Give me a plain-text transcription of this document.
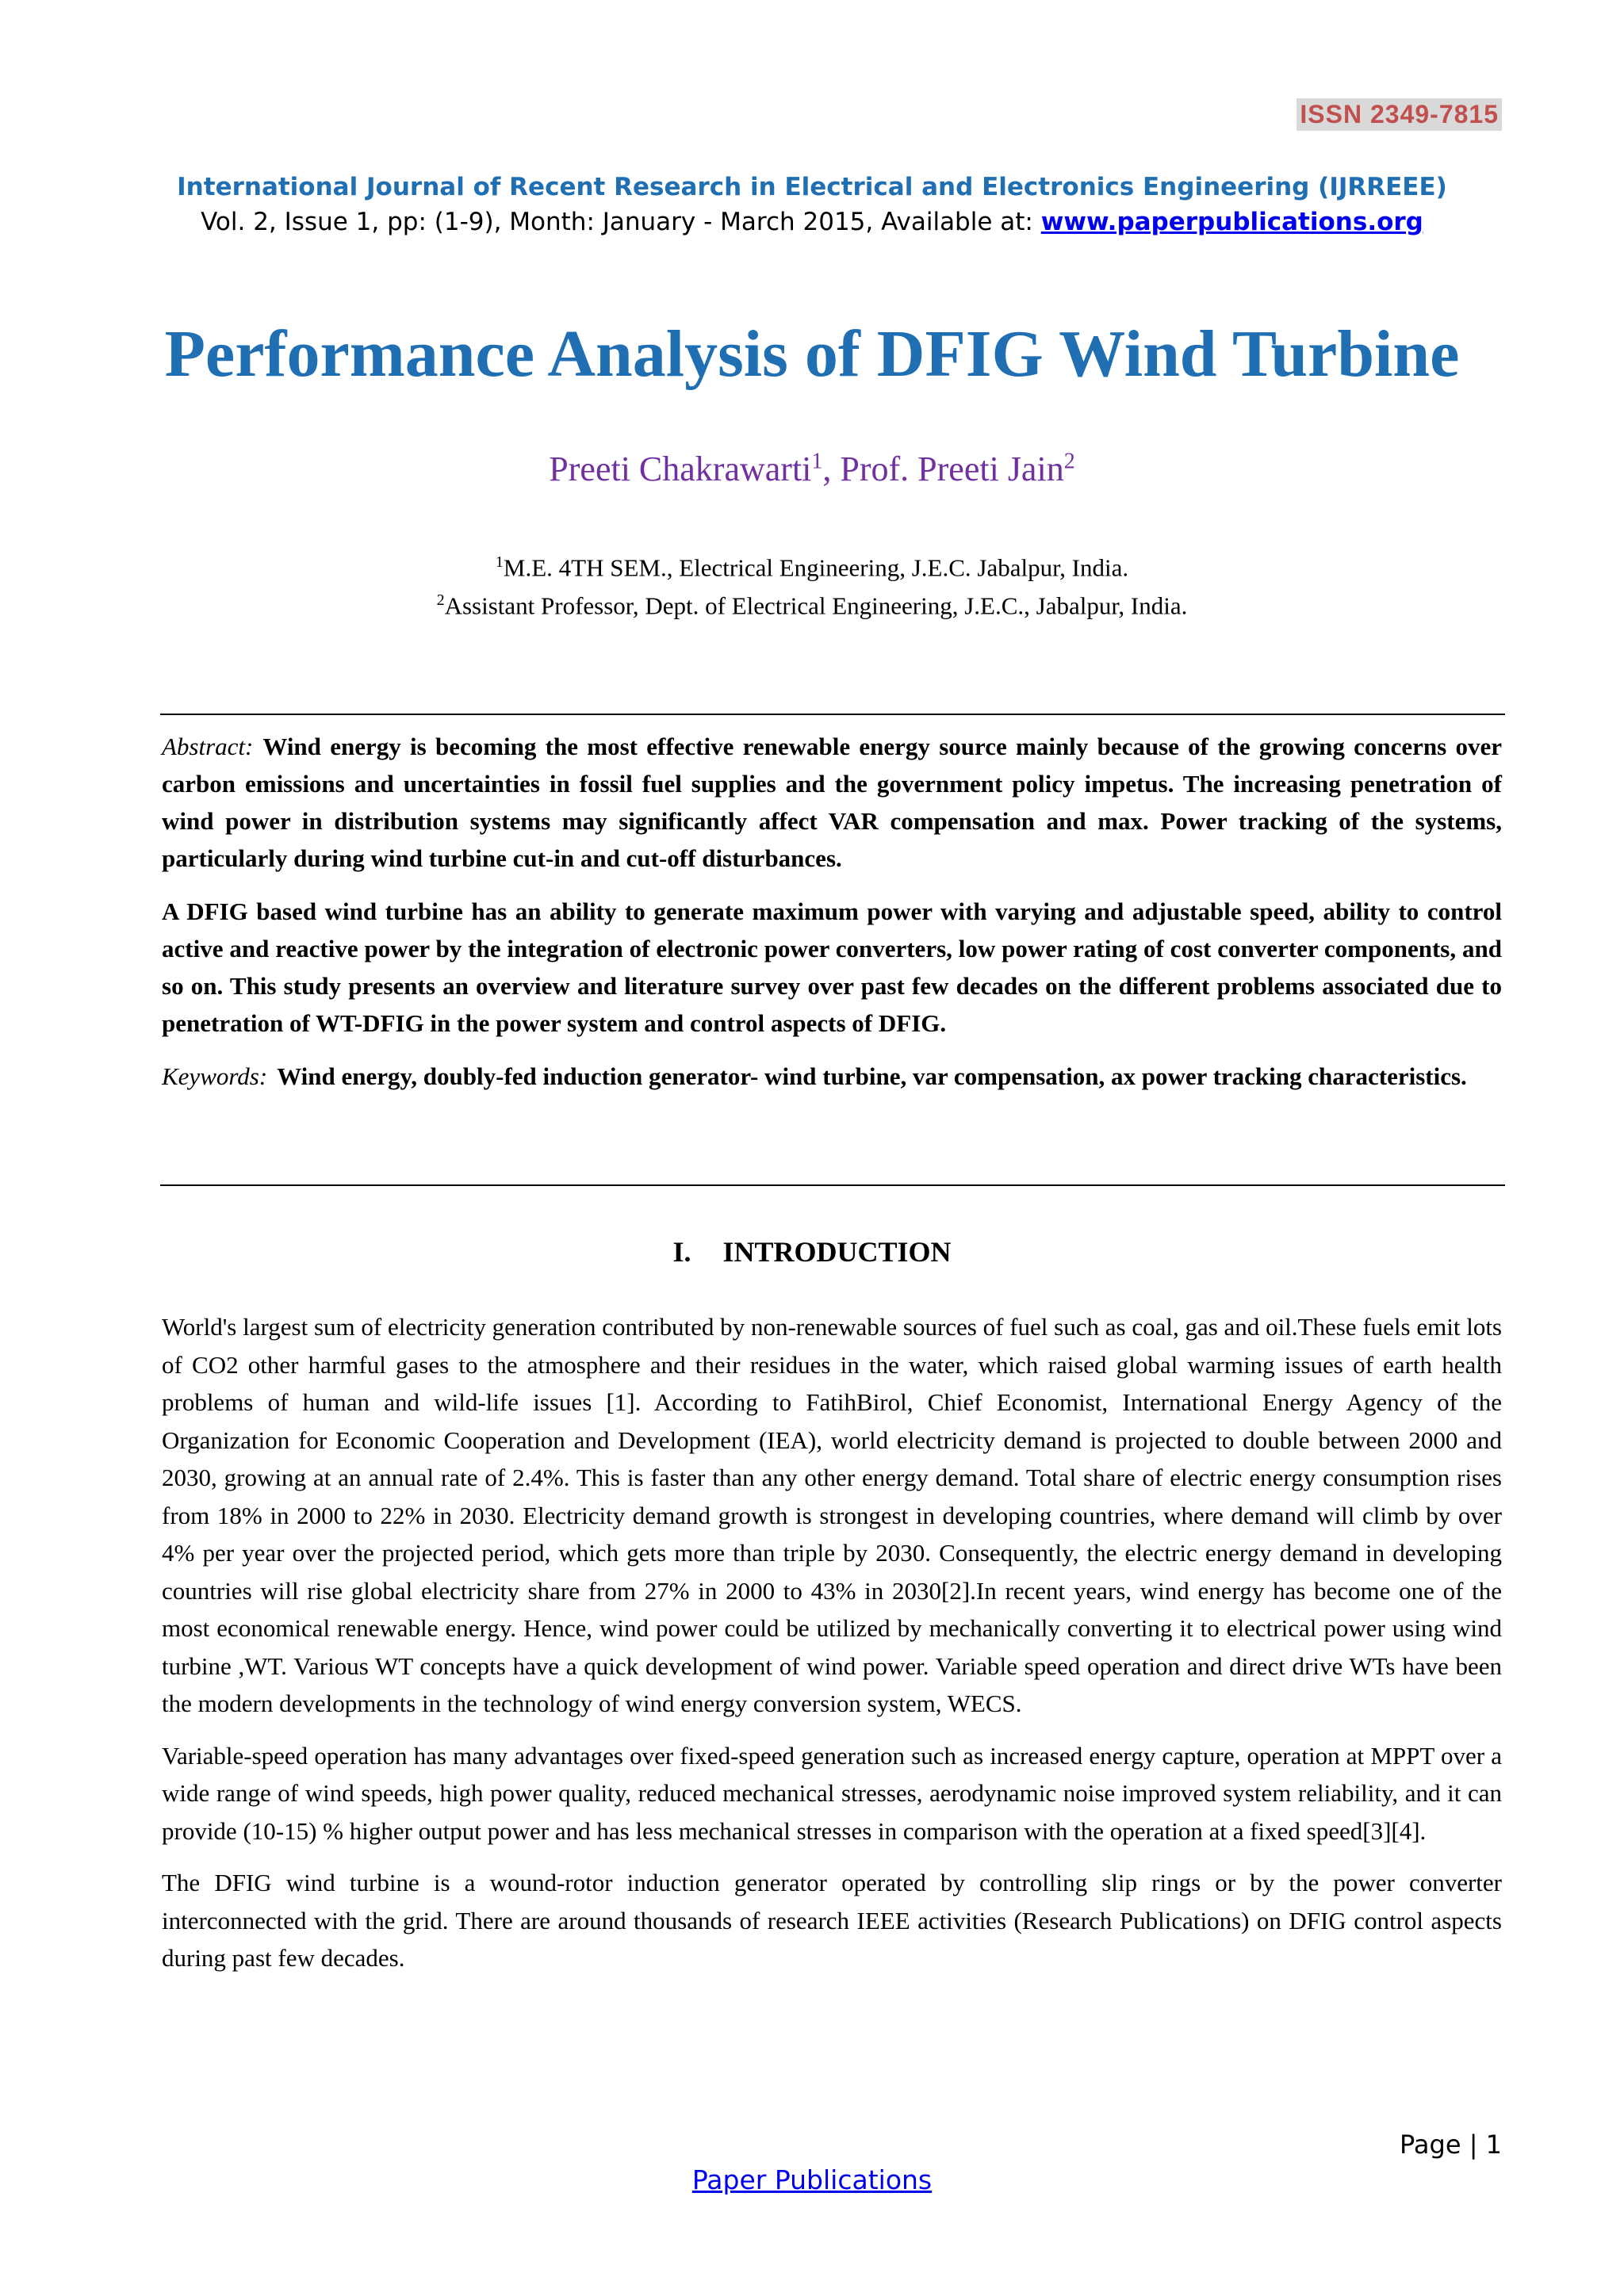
ISSN 2349-7815
International Journal of Recent Research in Electrical and Electronics Engineering (IJRREEE)
Vol. 2, Issue 1, pp: (1-9), Month: January - March 2015, Available at: www.paperpublications.org
Performance Analysis of DFIG Wind Turbine
Preeti Chakrawarti$^1$, Prof. Preeti Jain$^2$
$^1$M.E. 4TH SEM., Electrical Engineering, J.E.C. Jabalpur, India.
$^2$Assistant Professor, Dept. of Electrical Engineering, J.E.C., Jabalpur, India.

Abstract: Wind energy is becoming the most effective renewable energy source mainly because of the growing concerns over carbon emissions and uncertainties in fossil fuel supplies and the government policy impetus. The increasing penetration of wind power in distribution systems may significantly affect VAR compensation and max. Power tracking of the systems, particularly during wind turbine cut-in and cut-off disturbances.

A DFIG based wind turbine has an ability to generate maximum power with varying and adjustable speed, ability to control active and reactive power by the integration of electronic power converters, low power rating of cost converter components, and so on. This study presents an overview and literature survey over past few decades on the different problems associated due to penetration of WT-DFIG in the power system and control aspects of DFIG.

Keywords: Wind energy, doubly-fed induction generator- wind turbine, var compensation, ax power tracking characteristics.

I. INTRODUCTION

World's largest sum of electricity generation contributed by non-renewable sources of fuel such as coal, gas and oil.These fuels emit lots of CO2 other harmful gases to the atmosphere and their residues in the water, which raised global warming issues of earth health problems of human and wild-life issues [1]. According to FatihBirol, Chief Economist, International Energy Agency of the Organization for Economic Cooperation and Development (IEA), world electricity demand is projected to double between 2000 and 2030, growing at an annual rate of 2.4%. This is faster than any other energy demand. Total share of electric energy consumption rises from 18% in 2000 to 22% in 2030. Electricity demand growth is strongest in developing countries, where demand will climb by over 4% per year over the projected period, which gets more than triple by 2030. Consequently, the electric energy demand in developing countries will rise global electricity share from 27% in 2000 to 43% in 2030[2].In recent years, wind energy has become one of the most economical renewable energy. Hence, wind power could be utilized by mechanically converting it to electrical power using wind turbine ,WT. Various WT concepts have a quick development of wind power. Variable speed operation and direct drive WTs have been the modern developments in the technology of wind energy conversion system, WECS.

Variable-speed operation has many advantages over fixed-speed generation such as increased energy capture, operation at MPPT over a wide range of wind speeds, high power quality, reduced mechanical stresses, aerodynamic noise improved system reliability, and it can provide (10-15) % higher output power and has less mechanical stresses in comparison with the operation at a fixed speed[3][4].

The DFIG wind turbine is a wound-rotor induction generator operated by controlling slip rings or by the power converter interconnected with the grid. There are around thousands of research IEEE activities (Research Publications) on DFIG control aspects during past few decades.

Page | 1
Paper Publications
